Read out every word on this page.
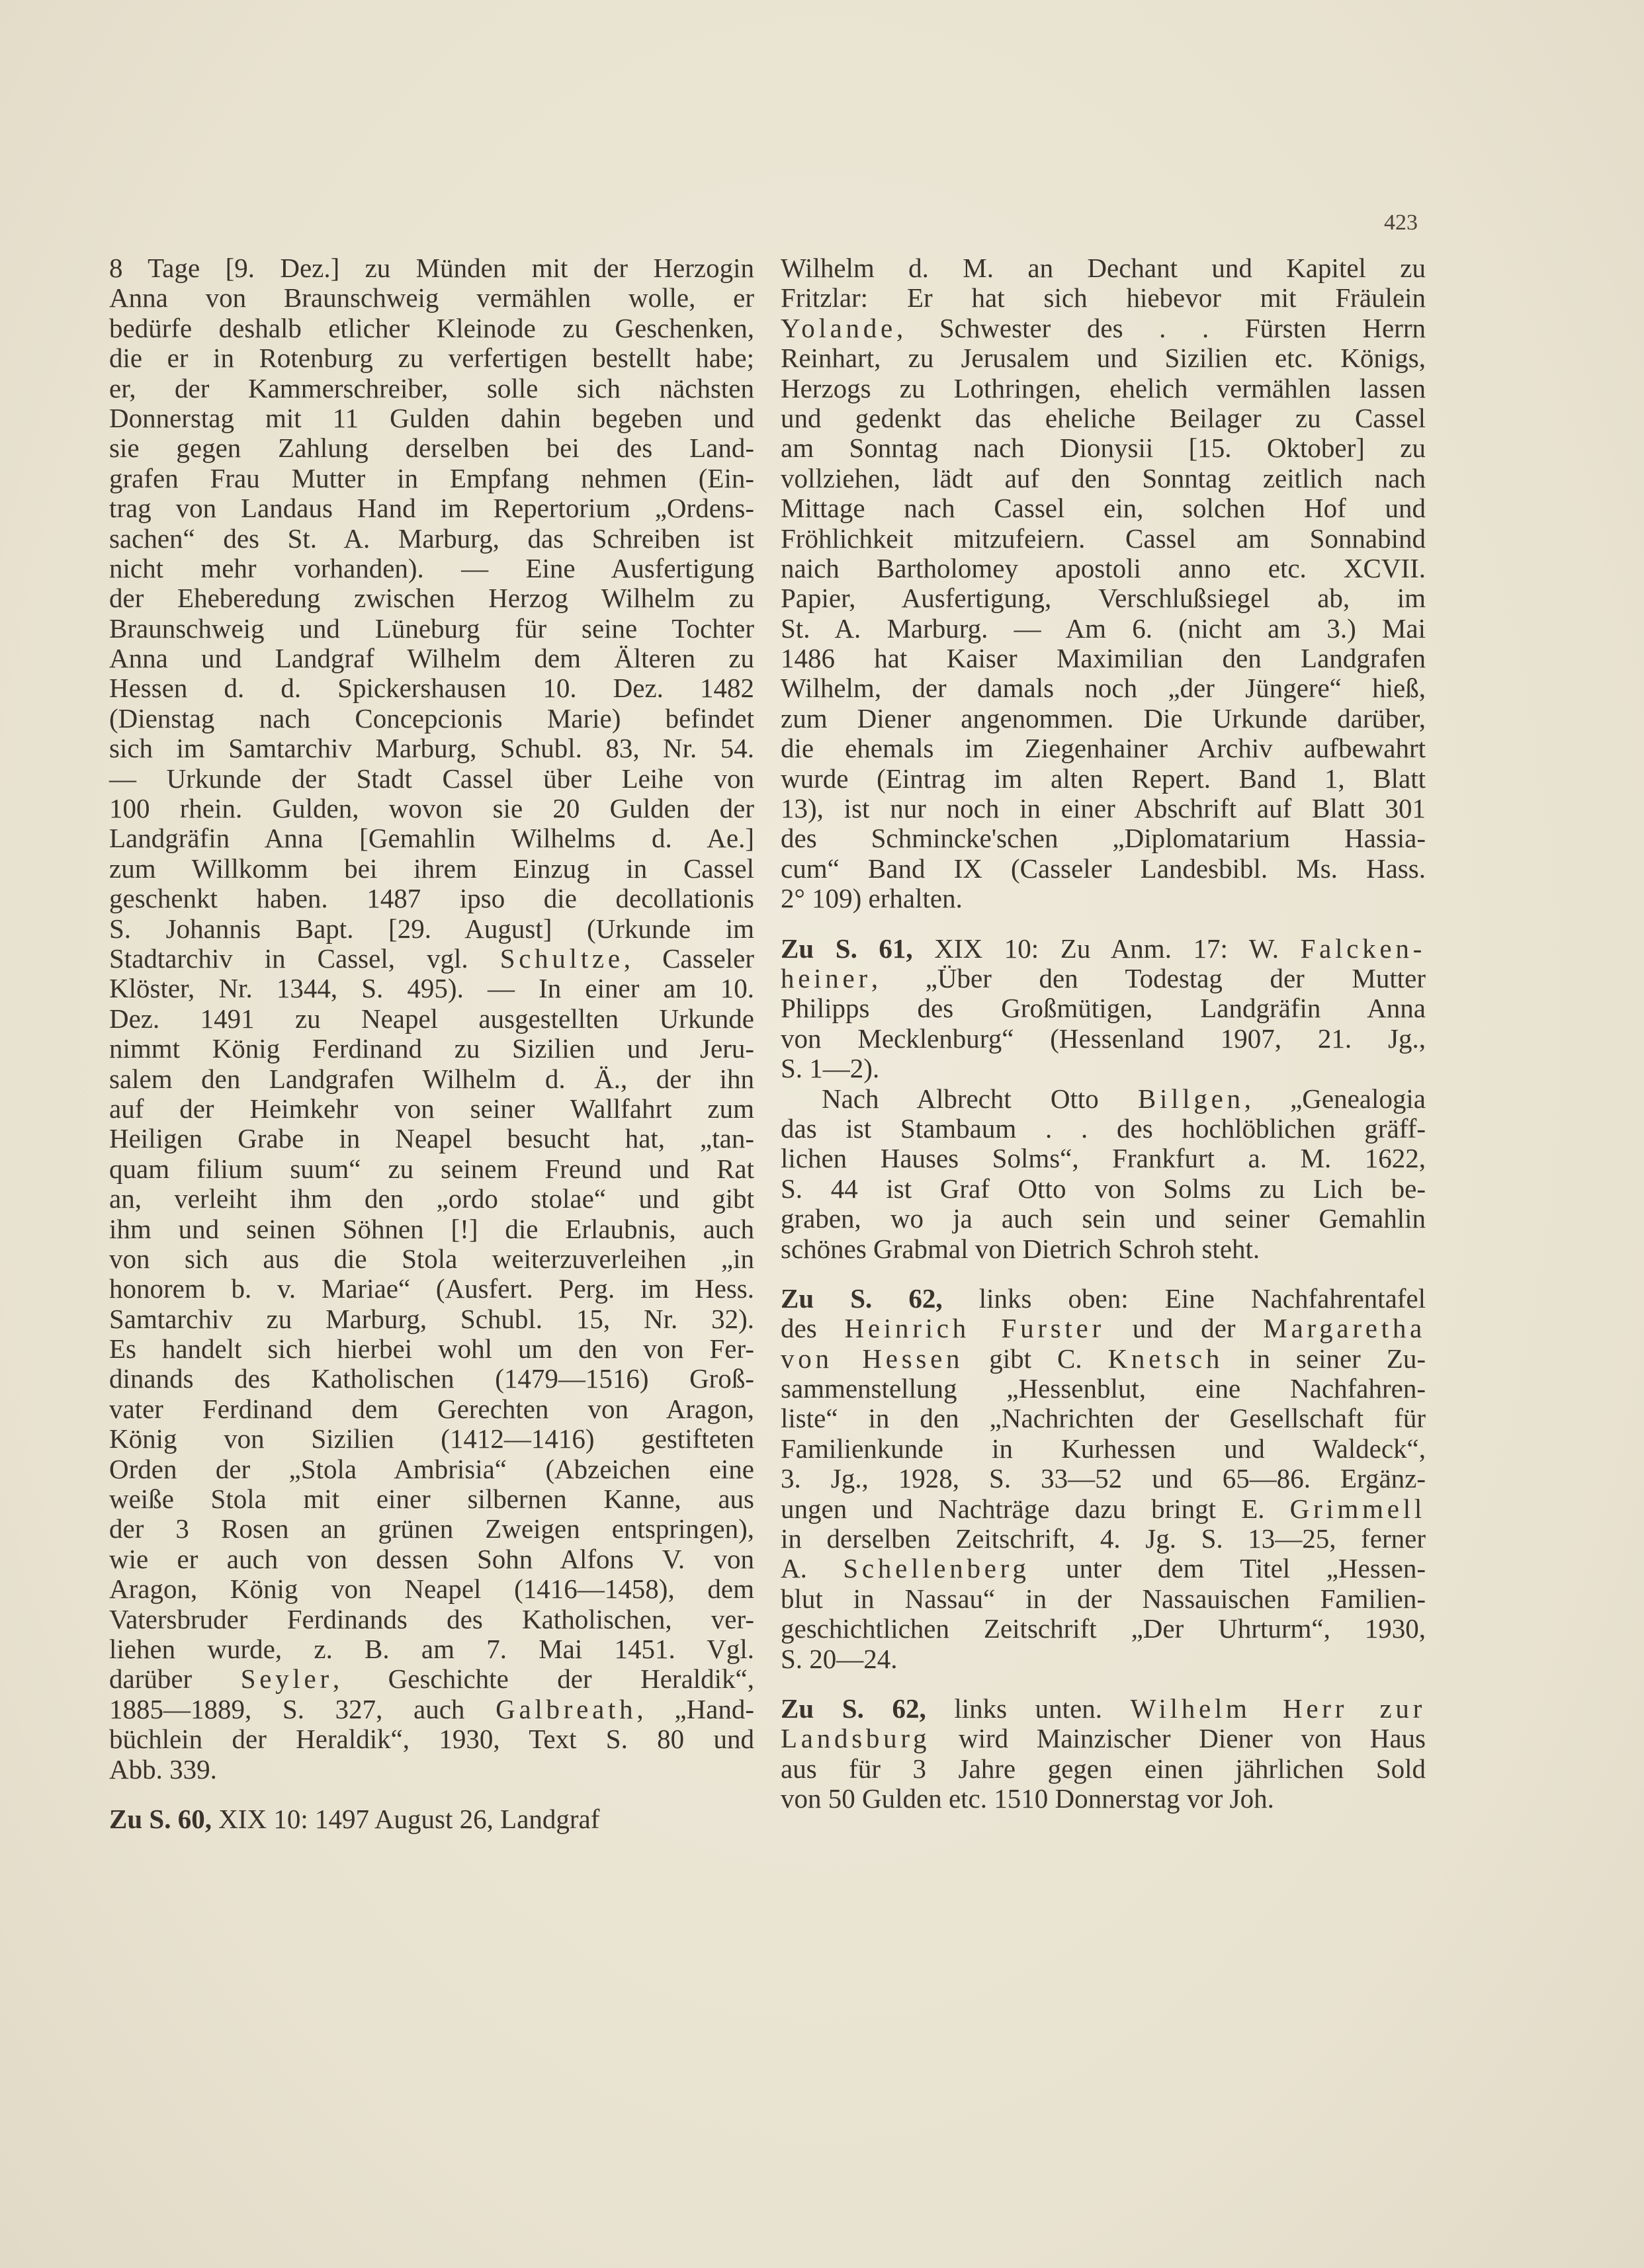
423
8 Tage [9. Dez.] zu Münden mit der Herzogin
Anna von Braunschweig vermählen wolle, er
bedürfe deshalb etlicher Kleinode zu Geschenken,
die er in Rotenburg zu verfertigen bestellt habe;
er, der Kammerschreiber, solle sich nächsten
Donnerstag mit 11 Gulden dahin begeben und
sie gegen Zahlung derselben bei des Land-
grafen Frau Mutter in Empfang nehmen (Ein-
trag von Landaus Hand im Repertorium „Ordens-
sachen“ des St. A. Marburg, das Schreiben ist
nicht mehr vorhanden). — Eine Ausfertigung
der Eheberedung zwischen Herzog Wilhelm zu
Braunschweig und Lüneburg für seine Tochter
Anna und Landgraf Wilhelm dem Älteren zu
Hessen d. d. Spickershausen 10. Dez. 1482
(Dienstag nach Concepcionis Marie) befindet
sich im Samtarchiv Marburg, Schubl. 83, Nr. 54.
— Urkunde der Stadt Cassel über Leihe von
100 rhein. Gulden, wovon sie 20 Gulden der
Landgräfin Anna [Gemahlin Wilhelms d. Ae.]
zum Willkomm bei ihrem Einzug in Cassel
geschenkt haben. 1487 ipso die decollationis
S. Johannis Bapt. [29. August] (Urkunde im
Stadtarchiv in Cassel, vgl. Schultze, Casseler
Klöster, Nr. 1344, S. 495). — In einer am 10.
Dez. 1491 zu Neapel ausgestellten Urkunde
nimmt König Ferdinand zu Sizilien und Jeru-
salem den Landgrafen Wilhelm d. Ä., der ihn
auf der Heimkehr von seiner Wallfahrt zum
Heiligen Grabe in Neapel besucht hat, „tan-
quam filium suum“ zu seinem Freund und Rat
an, verleiht ihm den „ordo stolae“ und gibt
ihm und seinen Söhnen [!] die Erlaubnis, auch
von sich aus die Stola weiterzuverleihen „in
honorem b. v. Mariae“ (Ausfert. Perg. im Hess.
Samtarchiv zu Marburg, Schubl. 15, Nr. 32).
Es handelt sich hierbei wohl um den von Fer-
dinands des Katholischen (1479—1516) Groß-
vater Ferdinand dem Gerechten von Aragon,
König von Sizilien (1412—1416) gestifteten
Orden der „Stola Ambrisia“ (Abzeichen eine
weiße Stola mit einer silbernen Kanne, aus
der 3 Rosen an grünen Zweigen entspringen),
wie er auch von dessen Sohn Alfons V. von
Aragon, König von Neapel (1416—1458), dem
Vatersbruder Ferdinands des Katholischen, ver-
liehen wurde, z. B. am 7. Mai 1451. Vgl.
darüber Seyler, Geschichte der Heraldik“,
1885—1889, S. 327, auch Galbreath, „Hand-
büchlein der Heraldik“, 1930, Text S. 80 und
Abb. 339.
Zu S. 60, XIX 10: 1497 August 26, Landgraf
Wilhelm d. M. an Dechant und Kapitel zu
Fritzlar: Er hat sich hiebevor mit Fräulein
Yolande, Schwester des . . Fürsten Herrn
Reinhart, zu Jerusalem und Sizilien etc. Königs,
Herzogs zu Lothringen, ehelich vermählen lassen
und gedenkt das eheliche Beilager zu Cassel
am Sonntag nach Dionysii [15. Oktober] zu
vollziehen, lädt auf den Sonntag zeitlich nach
Mittage nach Cassel ein, solchen Hof und
Fröhlichkeit mitzufeiern. Cassel am Sonnabind
naich Bartholomey apostoli anno etc. XCVII.
Papier, Ausfertigung, Verschlußsiegel ab, im
St. A. Marburg. — Am 6. (nicht am 3.) Mai
1486 hat Kaiser Maximilian den Landgrafen
Wilhelm, der damals noch „der Jüngere“ hieß,
zum Diener angenommen. Die Urkunde darüber,
die ehemals im Ziegenhainer Archiv aufbewahrt
wurde (Eintrag im alten Repert. Band 1, Blatt
13), ist nur noch in einer Abschrift auf Blatt 301
des Schmincke'schen „Diplomatarium Hassia-
cum“ Band IX (Casseler Landesbibl. Ms. Hass.
2° 109) erhalten.
Zu S. 61, XIX 10: Zu Anm. 17: W. Falcken-
heiner, „Über den Todestag der Mutter
Philipps des Großmütigen, Landgräfin Anna
von Mecklenburg“ (Hessenland 1907, 21. Jg.,
S. 1—2).
Nach Albrecht Otto Billgen, „Genealogia
das ist Stambaum . . des hochlöblichen gräff-
lichen Hauses Solms“, Frankfurt a. M. 1622,
S. 44 ist Graf Otto von Solms zu Lich be-
graben, wo ja auch sein und seiner Gemahlin
schönes Grabmal von Dietrich Schroh steht.
Zu S. 62, links oben: Eine Nachfahrentafel
des Heinrich Furster und der Margaretha
von Hessen gibt C. Knetsch in seiner Zu-
sammenstellung „Hessenblut, eine Nachfahren-
liste“ in den „Nachrichten der Gesellschaft für
Familienkunde in Kurhessen und Waldeck“,
3. Jg., 1928, S. 33—52 und 65—86. Ergänz-
ungen und Nachträge dazu bringt E. Grimmell
in derselben Zeitschrift, 4. Jg. S. 13—25, ferner
A. Schellenberg unter dem Titel „Hessen-
blut in Nassau“ in der Nassauischen Familien-
geschichtlichen Zeitschrift „Der Uhrturm“, 1930,
S. 20—24.
Zu S. 62, links unten. Wilhelm Herr zur
Landsburg wird Mainzischer Diener von Haus
aus für 3 Jahre gegen einen jährlichen Sold
von 50 Gulden etc. 1510 Donnerstag vor Joh.
